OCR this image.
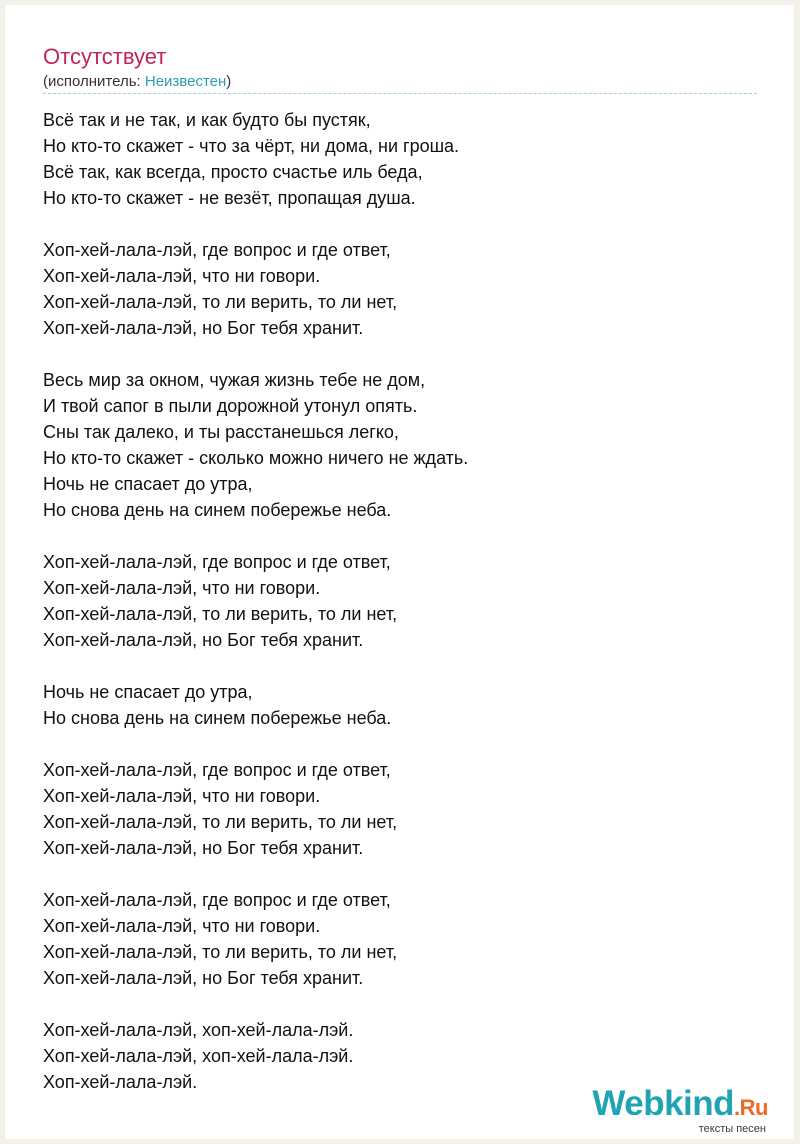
Отсутствует
(исполнитель: Неизвестен)
Всё так и не так, и как будто бы пустяк,
Но кто-то скажет - что за чёрт, ни дома, ни гроша.
Всё так, как всегда, просто счастье иль беда,
Но кто-то скажет - не везёт, пропащая душа.
Хоп-хей-лала-лэй, где вопрос и где ответ,
Хоп-хей-лала-лэй, что ни говори.
Хоп-хей-лала-лэй, то ли верить, то ли нет,
Хоп-хей-лала-лэй, но Бог тебя хранит.
Весь мир за окном, чужая жизнь тебе не дом,
И твой сапог в пыли дорожной утонул опять.
Сны так далеко, и ты расстанешься легко,
Но кто-то скажет - сколько можно ничего не ждать.
Ночь не спасает до утра,
Но снова день на синем побережье неба.
Хоп-хей-лала-лэй, где вопрос и где ответ,
Хоп-хей-лала-лэй, что ни говори.
Хоп-хей-лала-лэй, то ли верить, то ли нет,
Хоп-хей-лала-лэй, но Бог тебя хранит.
Ночь не спасает до утра,
Но снова день на синем побережье неба.
Хоп-хей-лала-лэй, где вопрос и где ответ,
Хоп-хей-лала-лэй, что ни говори.
Хоп-хей-лала-лэй, то ли верить, то ли нет,
Хоп-хей-лала-лэй, но Бог тебя хранит.
Хоп-хей-лала-лэй, где вопрос и где ответ,
Хоп-хей-лала-лэй, что ни говори.
Хоп-хей-лала-лэй, то ли верить, то ли нет,
Хоп-хей-лала-лэй, но Бог тебя хранит.
Хоп-хей-лала-лэй, хоп-хей-лала-лэй.
Хоп-хей-лала-лэй, хоп-хей-лала-лэй.
Хоп-хей-лала-лэй.
Webkind.Ru
тексты песен
